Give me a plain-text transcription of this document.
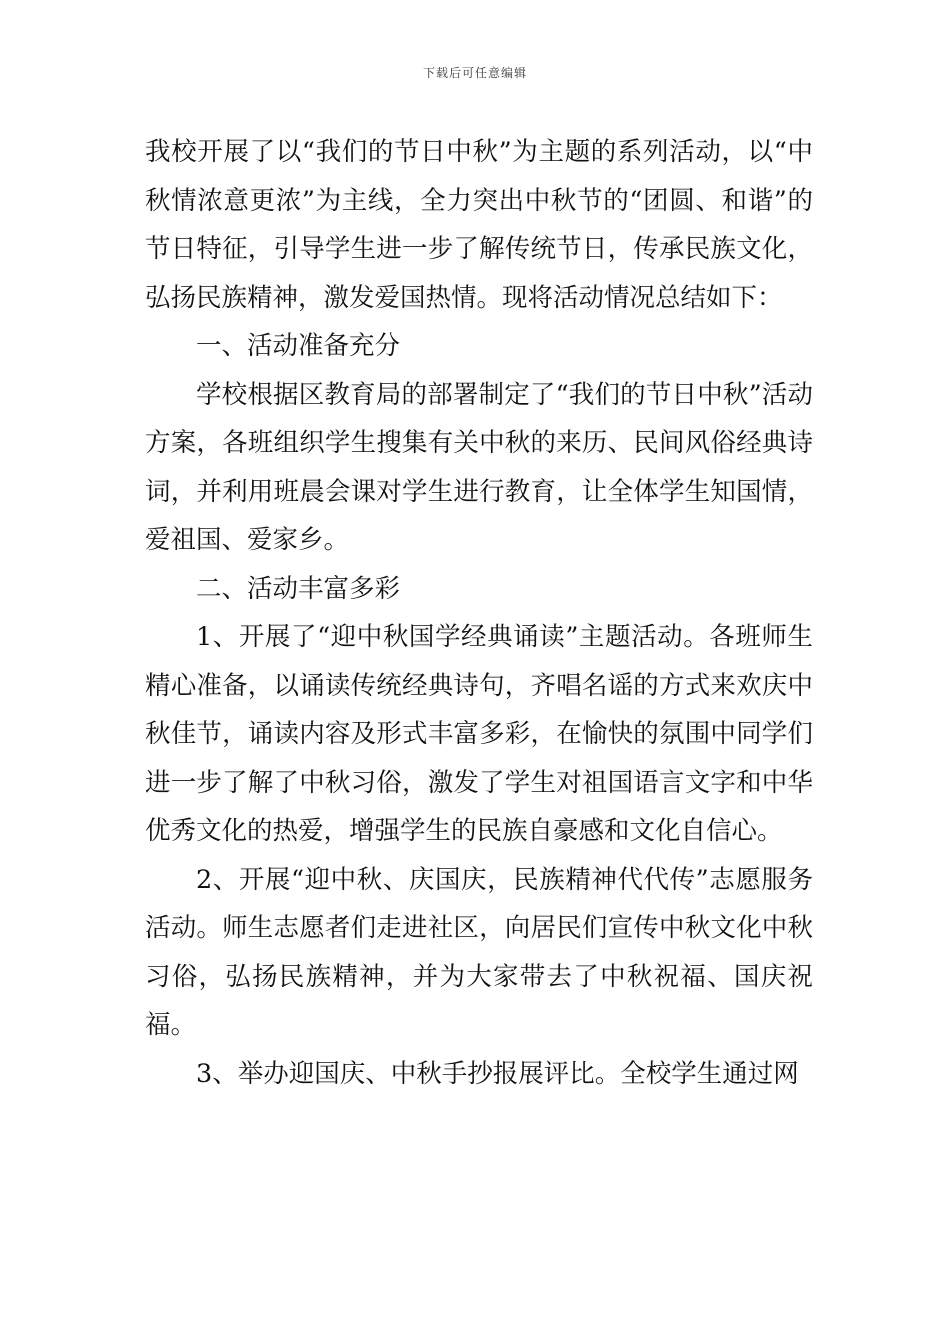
下载后可任意编辑

我校开展了以“我们的节日中秋”为主题的系列活动，以“中秋情浓意更浓”为主线，全力突出中秋节的“团圆、和谐”的节日特征，引导学生进一步了解传统节日，传承民族文化，弘扬民族精神，激发爱国热情。现将活动情况总结如下：

一、活动准备充分

学校根据区教育局的部署制定了“我们的节日中秋”活动方案，各班组织学生搜集有关中秋的来历、民间风俗经典诗词，并利用班晨会课对学生进行教育，让全体学生知国情，爱祖国、爱家乡。

二、活动丰富多彩

1、开展了“迎中秋国学经典诵读”主题活动。各班师生精心准备，以诵读传统经典诗句，齐唱名谣的方式来欢庆中秋佳节，诵读内容及形式丰富多彩，在愉快的氛围中同学们进一步了解了中秋习俗，激发了学生对祖国语言文字和中华优秀文化的热爱，增强学生的民族自豪感和文化自信心。

2、开展“迎中秋、庆国庆，民族精神代代传”志愿服务活动。师生志愿者们走进社区，向居民们宣传中秋文化中秋习俗，弘扬民族精神，并为大家带去了中秋祝福、国庆祝福。

3、举办迎国庆、中秋手抄报展评比。全校学生通过网
